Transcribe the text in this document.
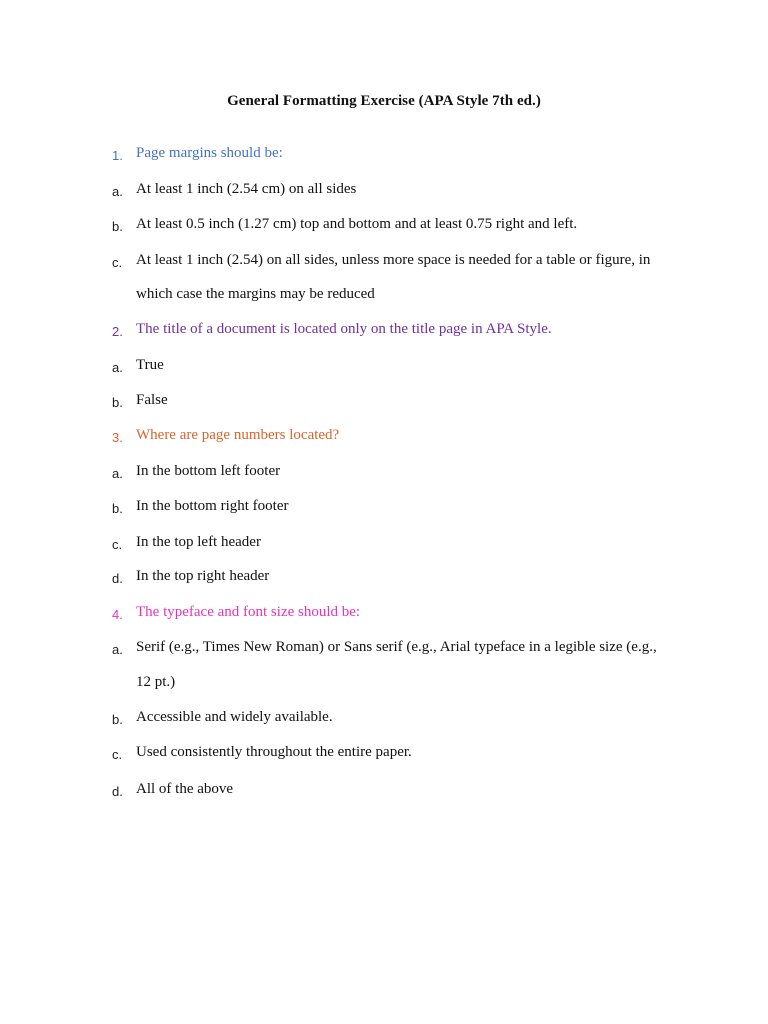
General Formatting Exercise (APA Style 7th ed.)
1. Page margins should be:
a. At least 1 inch (2.54 cm) on all sides
b. At least 0.5 inch (1.27 cm) top and bottom and at least 0.75 right and left.
c. At least 1 inch (2.54) on all sides, unless more space is needed for a table or figure, in
which case the margins may be reduced
2. The title of a document is located only on the title page in APA Style.
a. True
b. False
3. Where are page numbers located?
a. In the bottom left footer
b. In the bottom right footer
c. In the top left header
d. In the top right header
4. The typeface and font size should be:
a. Serif (e.g., Times New Roman) or Sans serif (e.g., Arial typeface in a legible size (e.g.,
12 pt.)
b. Accessible and widely available.
c. Used consistently throughout the entire paper.
d. All of the above
